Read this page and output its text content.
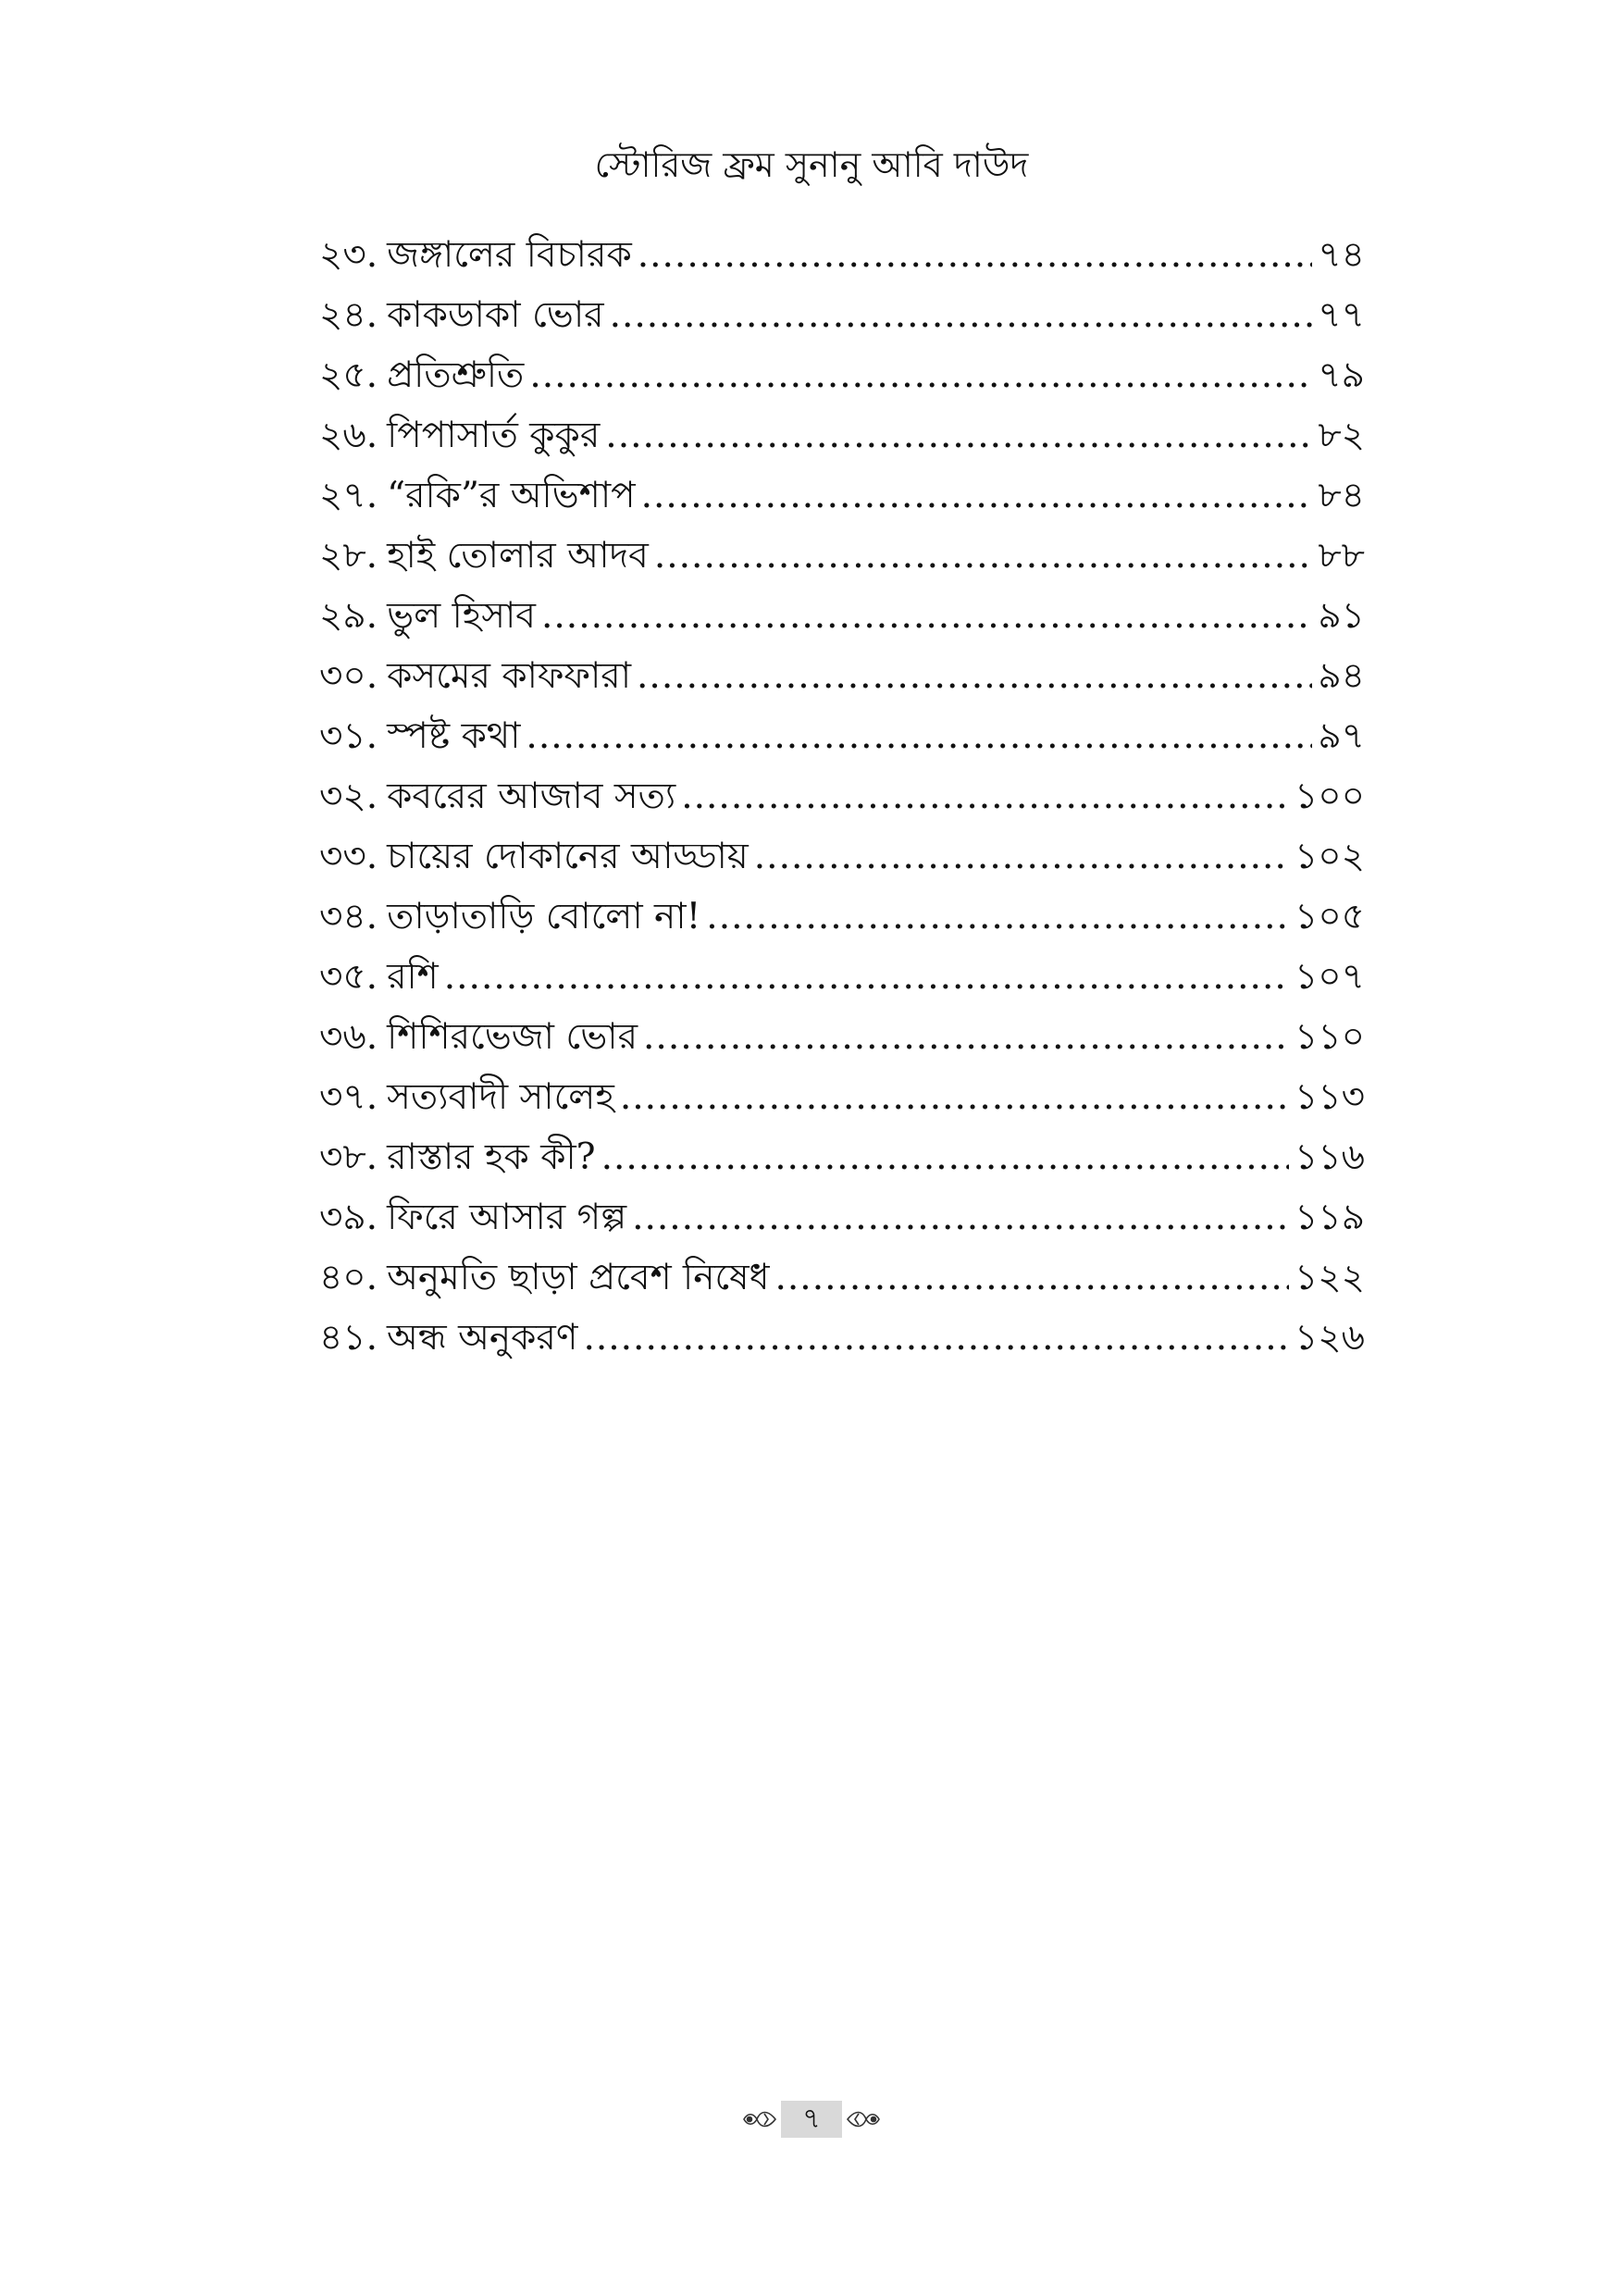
স্টোরিজ ফ্রম সুনানু আবি দাউদ
২৩. জঙ্গালের বিচারক .....	৭৪
২৪. কাকডাকা ভোর .....	৭৭
২৫. প্রতিশ্রুতি .....	৭৯
২৬. পিপাসার্ত কুকুর .....	৮২
২৭. “রকি”র অভিশাপ .....	৮৪
২৮. হাই তোলার আদব .....	৮৮
২৯. ভুল হিসাব .....	৯১
৩০. কসমের কাফফারা .....	৯৪
৩১. স্পষ্ট কথা .....	৯৭
৩২. কবরের আজাব সত্য .....	১০০
৩৩. চায়ের দোকানের আড্ডায় .....	১০২
৩৪. তাড়াতাড়ি বোলো না! .....	১০৫
৩৫. রশি .....	১০৭
৩৬. শিশিরভেজা ভোর .....	১১০
৩৭. সত্যবাদী সালেহ .....	১১৩
৩৮. রাস্তার হক কী? .....	১১৬
৩৯. ফিরে আসার গল্প .....	১১৯
৪০. অনুমতি ছাড়া প্রবেশ নিষেধ .....	১২২
৪১. অন্ধ অনুকরণ .....	১২৬
৭
